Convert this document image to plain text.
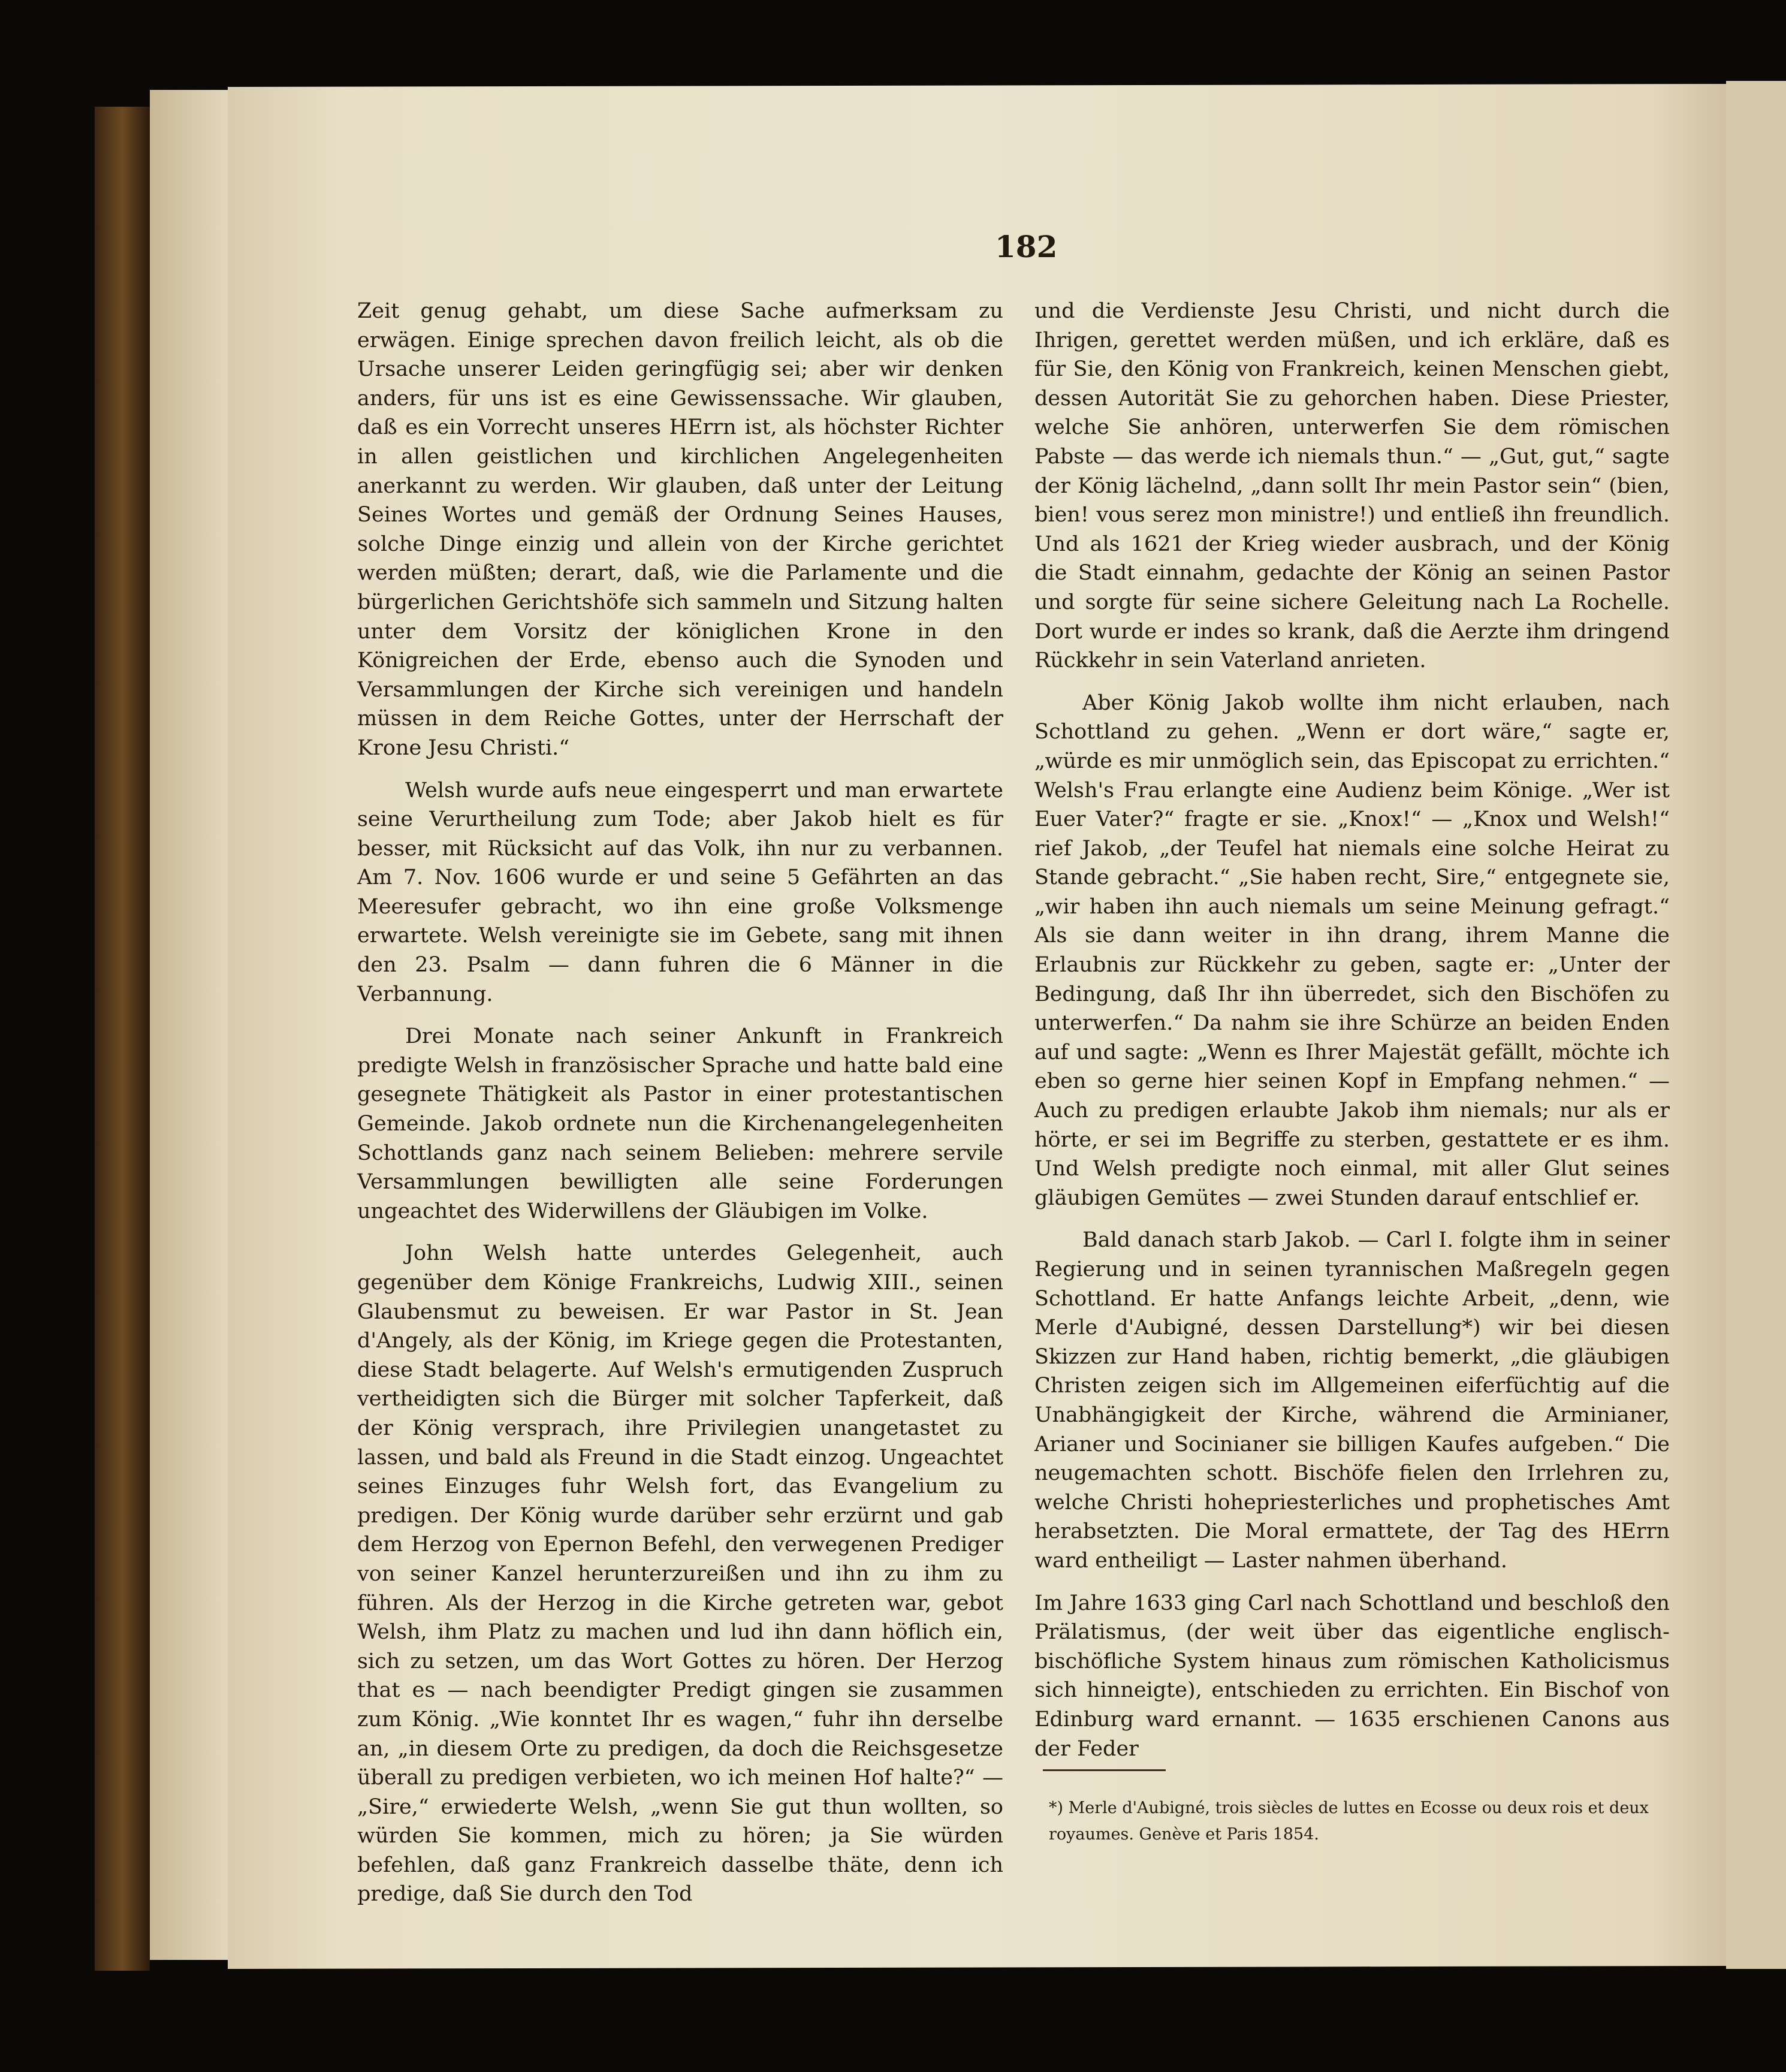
182

Zeit genug gehabt, um diese Sache aufmerksam zu erwägen. Einige sprechen davon freilich leicht, als ob die Ursache unserer Leiden geringfügig sei; aber wir denken anders, für uns ist es eine Gewissenssache. Wir glauben, daß es ein Vorrecht unseres HErrn ist, als höchster Richter in allen geistlichen und kirchlichen Angelegenheiten anerkannt zu werden. Wir glauben, daß unter der Leitung Seines Wortes und gemäß der Ordnung Seines Hauses, solche Dinge einzig und allein von der Kirche gerichtet werden müßten; derart, daß, wie die Parlamente und die bürgerlichen Gerichtshöfe sich sammeln und Sitzung halten unter dem Vorsitz der königlichen Krone in den Königreichen der Erde, ebenso auch die Synoden und Versammlungen der Kirche sich vereinigen und handeln müssen in dem Reiche Gottes, unter der Herrschaft der Krone Jesu Christi.“

Welsh wurde aufs neue eingesperrt und man erwartete seine Verurtheilung zum Tode; aber Jakob hielt es für besser, mit Rücksicht auf das Volk, ihn nur zu verbannen. Am 7. Nov. 1606 wurde er und seine 5 Gefährten an das Meeresufer gebracht, wo ihn eine große Volksmenge erwartete. Welsh vereinigte sie im Gebete, sang mit ihnen den 23. Psalm — dann fuhren die 6 Männer in die Verbannung.

Drei Monate nach seiner Ankunft in Frankreich predigte Welsh in französischer Sprache und hatte bald eine gesegnete Thätigkeit als Pastor in einer protestantischen Gemeinde. Jakob ordnete nun die Kirchenangelegenheiten Schottlands ganz nach seinem Belieben: mehrere servile Versammlungen bewilligten alle seine Forderungen ungeachtet des Widerwillens der Gläubigen im Volke.

John Welsh hatte unterdes Gelegenheit, auch gegenüber dem Könige Frankreichs, Ludwig XIII., seinen Glaubensmut zu beweisen. Er war Pastor in St. Jean d'Angely, als der König, im Kriege gegen die Protestanten, diese Stadt belagerte. Auf Welsh's ermutigenden Zuspruch vertheidigten sich die Bürger mit solcher Tapferkeit, daß der König versprach, ihre Privilegien unangetastet zu lassen, und bald als Freund in die Stadt einzog. Ungeachtet seines Einzuges fuhr Welsh fort, das Evangelium zu predigen. Der König wurde darüber sehr erzürnt und gab dem Herzog von Epernon Befehl, den verwegenen Prediger von seiner Kanzel herunterzureißen und ihn zu ihm zu führen. Als der Herzog in die Kirche getreten war, gebot Welsh, ihm Platz zu machen und lud ihn dann höflich ein, sich zu setzen, um das Wort Gottes zu hören. Der Herzog that es — nach beendigter Predigt gingen sie zusammen zum König. „Wie konntet Ihr es wagen,“ fuhr ihn derselbe an, „in diesem Orte zu predigen, da doch die Reichsgesetze überall zu predigen verbieten, wo ich meinen Hof halte?“ — „Sire,“ erwiederte Welsh, „wenn Sie gut thun wollten, so würden Sie kommen, mich zu hören; ja Sie würden befehlen, daß ganz Frankreich dasselbe thäte, denn ich predige, daß Sie durch den Tod

und die Verdienste Jesu Christi, und nicht durch die Ihrigen, gerettet werden müßen, und ich erkläre, daß es für Sie, den König von Frankreich, keinen Menschen giebt, dessen Autorität Sie zu gehorchen haben. Diese Priester, welche Sie anhören, unterwerfen Sie dem römischen Pabste — das werde ich niemals thun.“ — „Gut, gut,“ sagte der König lächelnd, „dann sollt Ihr mein Pastor sein“ (bien, bien! vous serez mon ministre!) und entließ ihn freundlich. Und als 1621 der Krieg wieder ausbrach, und der König die Stadt einnahm, gedachte der König an seinen Pastor und sorgte für seine sichere Geleitung nach La Rochelle. Dort wurde er indes so krank, daß die Aerzte ihm dringend Rückkehr in sein Vaterland anrieten.

Aber König Jakob wollte ihm nicht erlauben, nach Schottland zu gehen. „Wenn er dort wäre,“ sagte er, „würde es mir unmöglich sein, das Episcopat zu errichten.“ Welsh's Frau erlangte eine Audienz beim Könige. „Wer ist Euer Vater?“ fragte er sie. „Knox!“ — „Knox und Welsh!“ rief Jakob, „der Teufel hat niemals eine solche Heirat zu Stande gebracht.“ „Sie haben recht, Sire,“ entgegnete sie, „wir haben ihn auch niemals um seine Meinung gefragt.“ Als sie dann weiter in ihn drang, ihrem Manne die Erlaubnis zur Rückkehr zu geben, sagte er: „Unter der Bedingung, daß Ihr ihn überredet, sich den Bischöfen zu unterwerfen.“ Da nahm sie ihre Schürze an beiden Enden auf und sagte: „Wenn es Ihrer Majestät gefällt, möchte ich eben so gerne hier seinen Kopf in Empfang nehmen.“ — Auch zu predigen erlaubte Jakob ihm niemals; nur als er hörte, er sei im Begriffe zu sterben, gestattete er es ihm. Und Welsh predigte noch einmal, mit aller Glut seines gläubigen Gemütes — zwei Stunden darauf entschlief er.

Bald danach starb Jakob. — Carl I. folgte ihm in seiner Regierung und in seinen tyrannischen Maßregeln gegen Schottland. Er hatte Anfangs leichte Arbeit, „denn, wie Merle d'Aubigné, dessen Darstellung*) wir bei diesen Skizzen zur Hand haben, richtig bemerkt, „die gläubigen Christen zeigen sich im Allgemeinen eiferfüchtig auf die Unabhängigkeit der Kirche, während die Arminianer, Arianer und Socinianer sie billigen Kaufes aufgeben.“ Die neugemachten schott. Bischöfe fielen den Irrlehren zu, welche Christi hohepriesterliches und prophetisches Amt herabsetzten. Die Moral ermattete, der Tag des HErrn ward entheiligt — Laster nahmen überhand.

Im Jahre 1633 ging Carl nach Schottland und beschloß den Prälatismus, (der weit über das eigentliche englisch-bischöfliche System hinaus zum römischen Katholicismus sich hinneigte), entschieden zu errichten. Ein Bischof von Edinburg ward ernannt. — 1635 erschienen Canons aus der Feder

*) Merle d'Aubigné, trois siècles de luttes en Ecosse ou deux rois et deux royaumes. Genève et Paris 1854.
